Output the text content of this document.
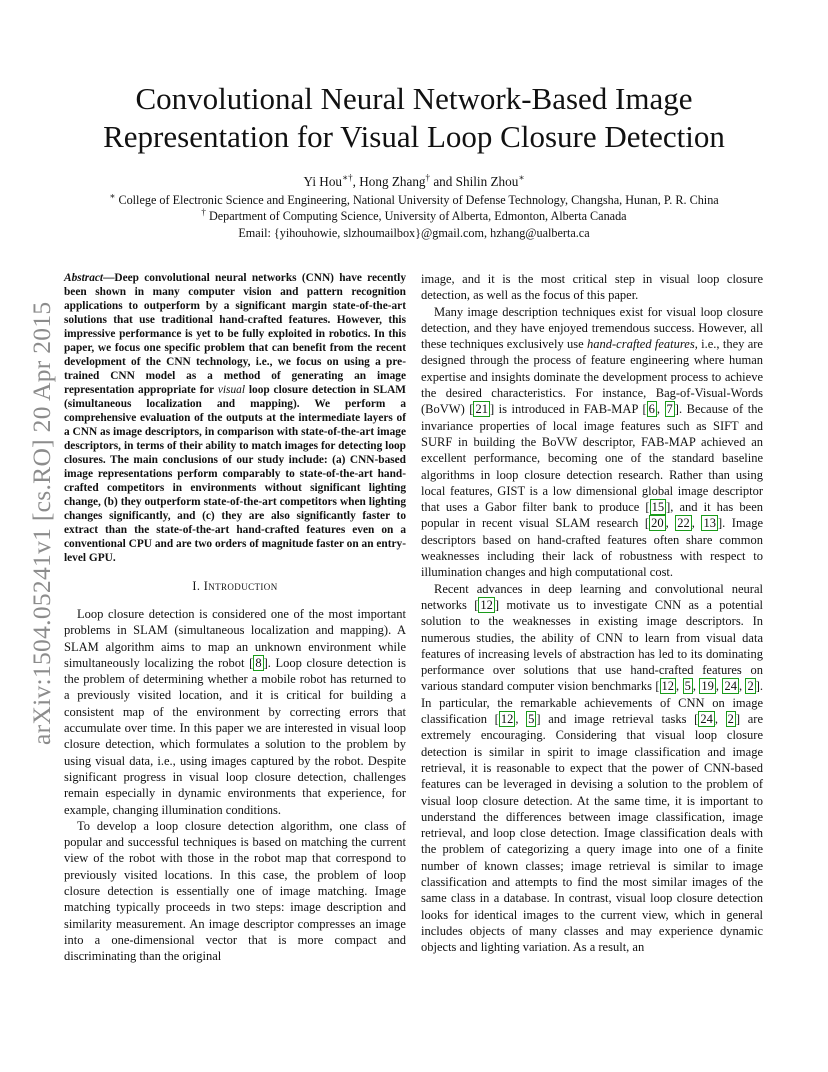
Convolutional Neural Network-Based Image
Representation for Visual Loop Closure Detection
Yi Hou∗†, Hong Zhang† and Shilin Zhou∗
∗ College of Electronic Science and Engineering, National University of Defense Technology, Changsha, Hunan, P. R. China
† Department of Computing Science, University of Alberta, Edmonton, Alberta Canada
Email: {yihouhowie, slzhoumailbox}@gmail.com, hzhang@ualberta.ca
arXiv:1504.05241v1 [cs.RO] 20 Apr 2015

Abstract—Deep convolutional neural networks (CNN) have recently been shown in many computer vision and pattern recognition applications to outperform by a significant margin state-of-the-art solutions that use traditional hand-crafted features. However, this impressive performance is yet to be fully exploited in robotics. In this paper, we focus one specific problem that can benefit from the recent development of the CNN technology, i.e., we focus on using a pre-trained CNN model as a method of generating an image representation appropriate for visual loop closure detection in SLAM (simultaneous localization and mapping). We perform a comprehensive evaluation of the outputs at the intermediate layers of a CNN as image descriptors, in comparison with state-of-the-art image descriptors, in terms of their ability to match images for detecting loop closures. The main conclusions of our study include: (a) CNN-based image representations perform comparably to state-of-the-art hand-crafted competitors in environments without significant lighting change, (b) they outperform state-of-the-art competitors when lighting changes significantly, and (c) they are also significantly faster to extract than the state-of-the-art hand-crafted features even on a conventional CPU and are two orders of magnitude faster on an entry-level GPU.

I. Introduction

Loop closure detection is considered one of the most important problems in SLAM (simultaneous localization and mapping). A SLAM algorithm aims to map an unknown environment while simultaneously localizing the robot [ 8 ]. Loop closure detection is the problem of determining whether a mobile robot has returned to a previously visited location, and it is critical for building a consistent map of the environment by correcting errors that accumulate over time. In this paper we are interested in visual loop closure detection, which formulates a solution to the problem by using visual data, i.e., using images captured by the robot. Despite significant progress in visual loop closure detection, challenges remain especially in dynamic environments that experience, for example, changing illumination conditions.

To develop a loop closure detection algorithm, one class of popular and successful techniques is based on matching the current view of the robot with those in the robot map that correspond to previously visited locations. In this case, the problem of loop closure detection is essentially one of image matching. Image matching typically proceeds in two steps: image description and similarity measurement. An image descriptor compresses an image into a one-dimensional vector that is more compact and discriminating than the original

image, and it is the most critical step in visual loop closure detection, as well as the focus of this paper.

Many image description techniques exist for visual loop closure detection, and they have enjoyed tremendous success. However, all these techniques exclusively use hand-crafted features, i.e., they are designed through the process of feature engineering where human expertise and insights dominate the development process to achieve the desired characteristics. For instance, Bag-of-Visual-Words (BoVW) [ 21 ] is introduced in FAB-MAP [ 6 , 7 ]. Because of the invariance properties of local image features such as SIFT and SURF in building the BoVW descriptor, FAB-MAP achieved an excellent performance, becoming one of the standard baseline algorithms in loop closure detection research. Rather than using local features, GIST is a low dimensional global image descriptor that uses a Gabor filter bank to produce [ 15 ], and it has been popular in recent visual SLAM research [ 20 , 22 , 13 ]. Image descriptors based on hand-crafted features often share common weaknesses including their lack of robustness with respect to illumination changes and high computational cost.

Recent advances in deep learning and convolutional neural networks [ 12 ] motivate us to investigate CNN as a potential solution to the weaknesses in existing image descriptors. In numerous studies, the ability of CNN to learn from visual data features of increasing levels of abstraction has led to its dominating performance over solutions that use hand-crafted features on various standard computer vision benchmarks [ 12 , 5 , 19 , 24 , 2 ]. In particular, the remarkable achievements of CNN on image classification [ 12 , 5 ] and image retrieval tasks [ 24 , 2 ] are extremely encouraging. Considering that visual loop closure detection is similar in spirit to image classification and image retrieval, it is reasonable to expect that the power of CNN-based features can be leveraged in devising a solution to the problem of visual loop closure detection. At the same time, it is important to understand the differences between image classification, image retrieval, and loop close detection. Image classification deals with the problem of categorizing a query image into one of a finite number of known classes; image retrieval is similar to image classification and attempts to find the most similar images of the same class in a database. In contrast, visual loop closure detection looks for identical images to the current view, which in general includes objects of many classes and may experience dynamic objects and lighting variation. As a result, an
